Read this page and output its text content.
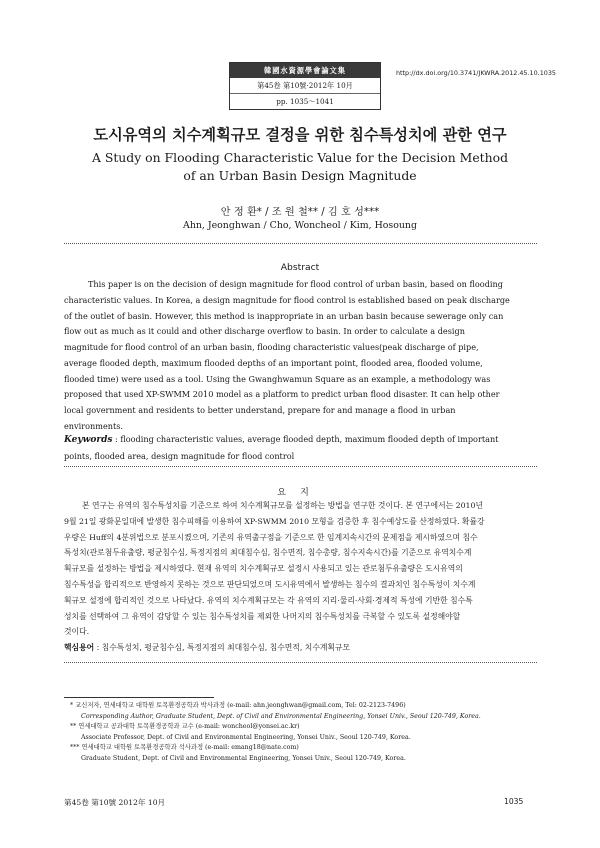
韓國水資源學會論文集
第45卷 第10號·2012年 10月
pp. 1035～1041
http://dx.doi.org/10.3741/JKWRA.2012.45.10.1035
도시유역의 치수계획규모 결정을 위한 침수특성치에 관한 연구
A Study on Flooding Characteristic Value for the Decision Method
of an Urban Basin Design Magnitude
안 정 환* / 조 원 철** / 김 호 성***
Ahn, Jeonghwan / Cho, Woncheol / Kim, Hosoung
Abstract
This paper is on the decision of design magnitude for flood control of urban basin, based on flooding
characteristic values. In Korea, a design magnitude for flood control is established based on peak discharge
of the outlet of basin. However, this method is inappropriate in an urban basin because sewerage only can
flow out as much as it could and other discharge overflow to basin. In order to calculate a design
magnitude for flood control of an urban basin, flooding characteristic values(peak discharge of pipe,
average flooded depth, maximum flooded depths of an important point, flooded area, flooded volume,
flooded time) were used as a tool. Using the Gwanghwamun Square as an example, a methodology was
proposed that used XP-SWMM 2010 model as a platform to predict urban flood disaster. It can help other
local government and residents to better understand, prepare for and manage a flood in urban
environments.
Keywords : flooding characteristic values, average flooded depth, maximum flooded depth of important
points, flooded area, design magnitude for flood control
요지
본 연구는 유역의 침수특성치를 기준으로 하여 치수계획규모를 설정하는 방법을 연구한 것이다. 본 연구에서는 2010년
9월 21일 광화문일대에 발생한 침수피해를 이용하여 XP-SWMM 2010 모형을 검증한 후 침수예상도를 산정하였다. 확률강
우량은 Huff의 4분위법으로 분포시켰으며, 기존의 유역출구점을 기준으로 한 임계지속시간의 문제점을 제시하였으며 침수
특성치(관로첨두유출량, 평균침수심, 특정지점의 최대침수심, 침수면적, 침수총량, 침수지속시간)를 기준으로 유역치수계
획규모를 설정하는 방법을 제시하였다. 현재 유역의 치수계획규모 설정시 사용되고 있는 관로첨두유출량은 도시유역의
침수특성을 합리적으로 반영하지 못하는 것으로 판단되었으며 도시유역에서 발생하는 침수의 결과치인 침수특성이 치수계
획규모 설정에 합리적인 것으로 나타났다. 유역의 치수계획규모는 각 유역의 지리·물리·사회·경제적 특성에 기반한 침수특
성치를 선택하여 그 유역이 감당할 수 있는 침수특성치를 제외한 나머지의 침수특성치를 극복할 수 있도록 설정해야할
것이다.
핵심용어 : 침수특성치, 평균침수심, 특정지점의 최대침수심, 침수면적, 치수계획규모
* 교신저자, 연세대학교 대학원 토목환경공학과 박사과정 (e-mail: ahn.jeonghwan@gmail.com, Tel: 02-2123-7496)
Corresponding Author, Graduate Student, Dept. of Civil and Environmental Engineering, Yonsei Univ., Seoul 120-749, Korea.
** 연세대학교 공과대학 토목환경공학과 교수 (e-mail: woncheol@yonsei.ac.kr)
Associate Professor, Dept. of Civil and Environmental Engineering, Yonsei Univ., Seoul 120-749, Korea.
*** 연세대학교 대학원 토목환경공학과 석사과정 (e-mail: emang18@nate.com)
Graduate Student, Dept. of Civil and Environmental Engineering, Yonsei Univ., Seoul 120-749, Korea.
第45卷 第10號 2012年 10月	1035
